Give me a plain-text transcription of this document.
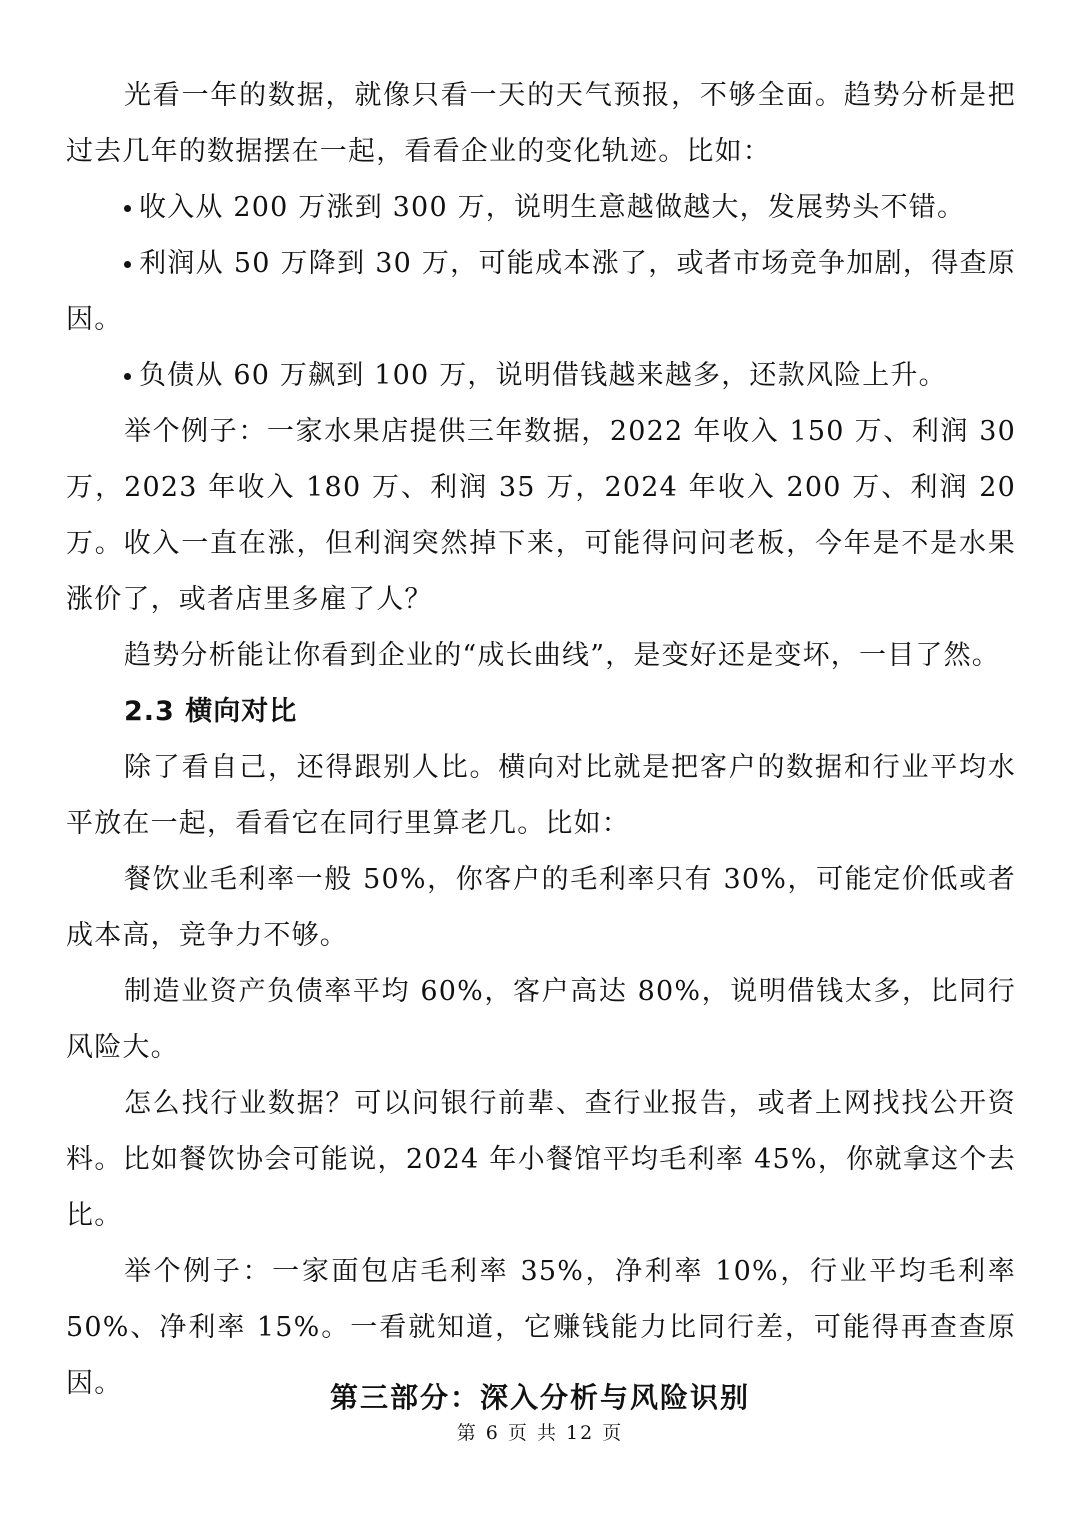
光看一年的数据，就像只看一天的天气预报，不够全面。趋势分析是把过去几年的数据摆在一起，看看企业的变化轨迹。比如：

收入从 200 万涨到 300 万，说明生意越做越大，发展势头不错。

利润从 50 万降到 30 万，可能成本涨了，或者市场竞争加剧，得查原因。

负债从 60 万飙到 100 万，说明借钱越来越多，还款风险上升。

举个例子：一家水果店提供三年数据，2022 年收入 150 万、利润 30 万，2023 年收入 180 万、利润 35 万，2024 年收入 200 万、利润 20 万。收入一直在涨，但利润突然掉下来，可能得问问老板，今年是不是水果涨价了，或者店里多雇了人？

趋势分析能让你看到企业的“成长曲线”，是变好还是变坏，一目了然。

2.3 横向对比

除了看自己，还得跟别人比。横向对比就是把客户的数据和行业平均水平放在一起，看看它在同行里算老几。比如：

餐饮业毛利率一般 50%，你客户的毛利率只有 30%，可能定价低或者成本高，竞争力不够。

制造业资产负债率平均 60%，客户高达 80%，说明借钱太多，比同行风险大。

怎么找行业数据？可以问银行前辈、查行业报告，或者上网找找公开资料。比如餐饮协会可能说，2024 年小餐馆平均毛利率 45%，你就拿这个去比。

举个例子：一家面包店毛利率 35%，净利率 10%，行业平均毛利率 50%、净利率 15%。一看就知道，它赚钱能力比同行差，可能得再查查原因。	第三部分：深入分析与风险识别
第 6 页 共 12 页
